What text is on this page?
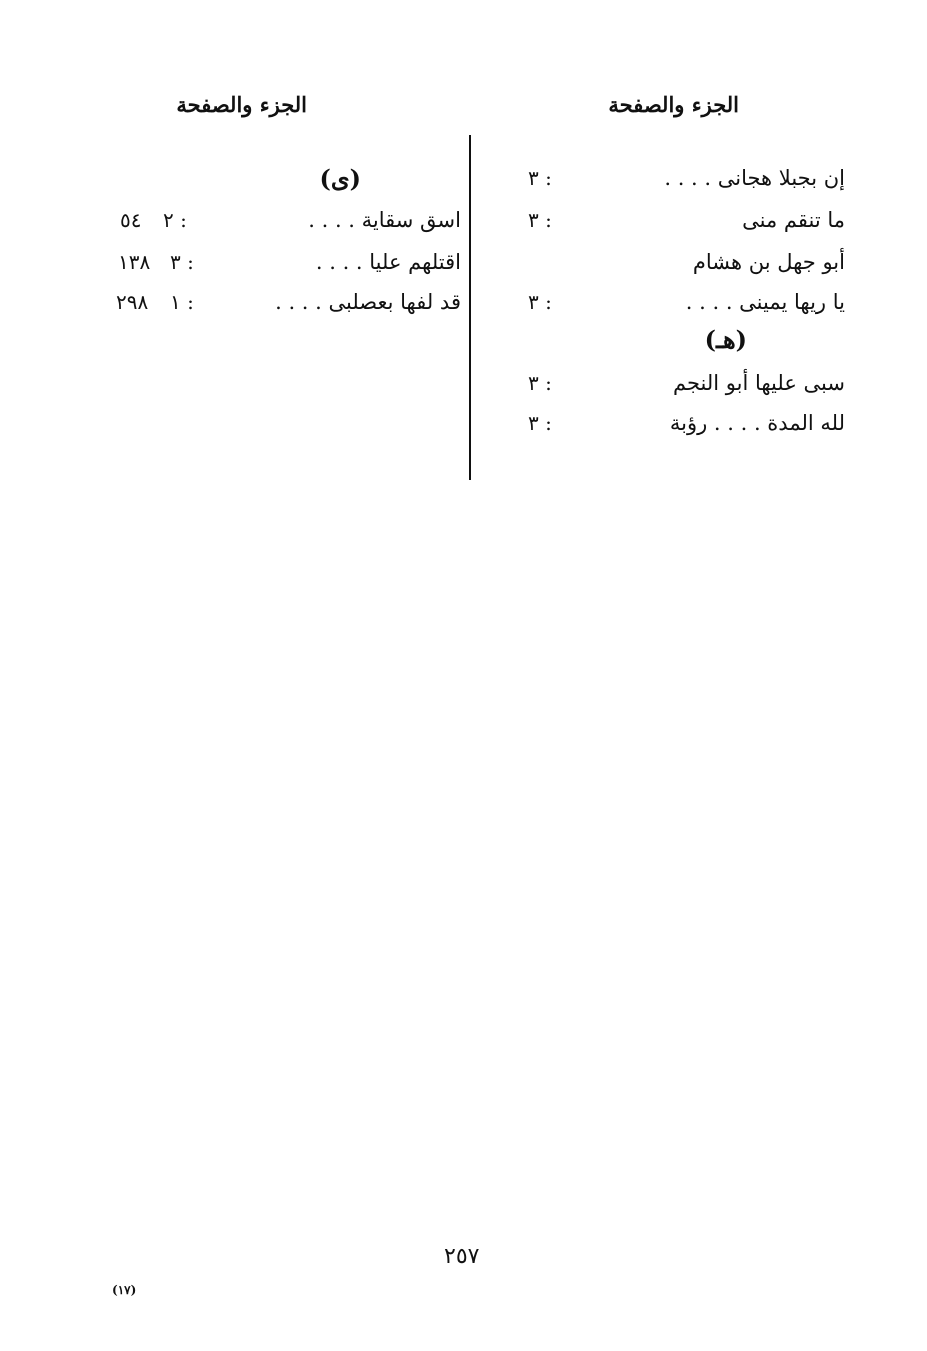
الجزء والصفحة
الجزء والصفحة
إن بجبلا هجانى . . . .
٣ :
ما تنقم منى
٣ :
أبو جهل بن هشام
يا ريها يمينى . . . .
٣ :
(هـ)
سبى عليها أبو النجم
٣ :
لله المدة . . . . رؤبة
٣ :
(ى)
اسق سقاية . . . .
٢ :
٥٤
اقتلهم عليا . . . .
٣ :
١٣٨
قد لفها بعصلبى . . . .
١ :
٢٩٨
٢٥٧
(١٧)
